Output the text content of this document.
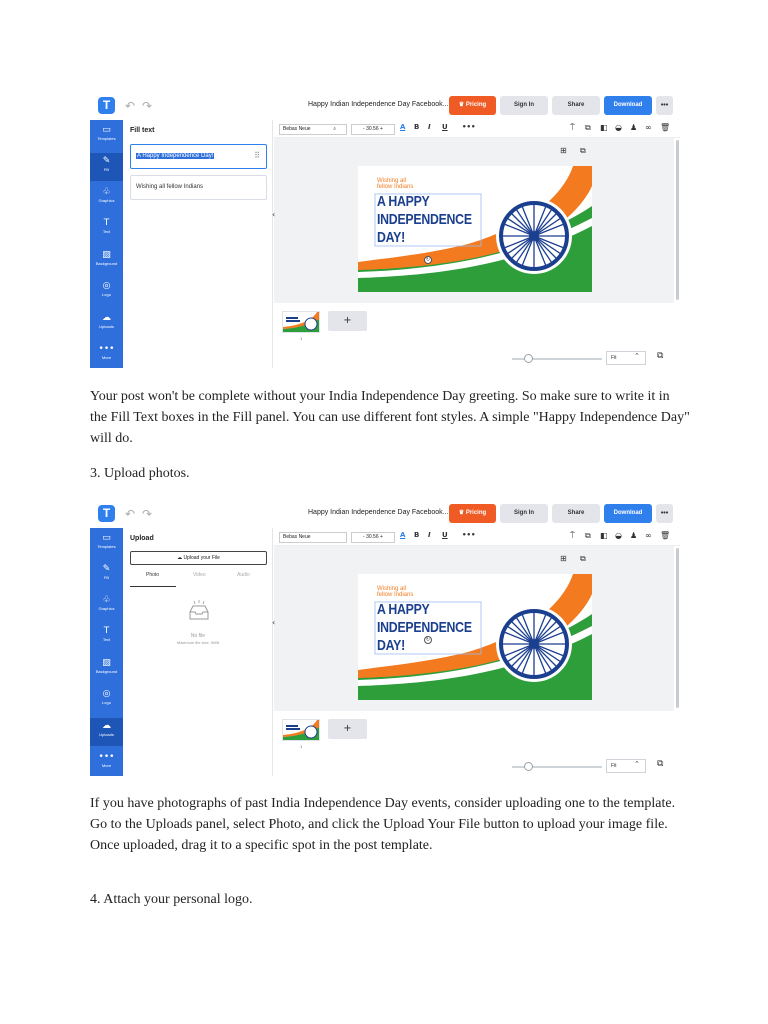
T	↶ ↷	Happy Indian Independence Day Facebook...	♛ Pricing	Sign In	Share	Download	•••
▭
Templates
✎
Fill
♧
Graphics
T
Text
▨
Background
◎
Logo
☁
Uploads
•••
More
Fill text
A Happy Independence Day!	⠿
Wishing all fellow Indians
Bebas Neue	⌕	- 30.56 +	A B I U •••	⍑ ⧉ ◧ ◒ ♟ ∞ 🗑
⊞ ⧉
‹
Wishing all
fellow Indians
A HAPPY
INDEPENDENCE
DAY!
↻
1
+
Fit	⌃ ⧉

Your post won't be complete without your India Independence Day greeting. So make sure to write it in the Fill Text boxes in the Fill panel. You can use different font styles. A simple "Happy Independence Day" will do.

3. Upload photos.

T	↶ ↷	Happy Indian Independence Day Facebook...	♛ Pricing	Sign In	Share	Download	•••
▭
Templates
✎
Fill
♧
Graphics
T
Text
▨
Background
◎
Logo
☁
Uploads
•••
More
Upload
☁ Upload your File
Photo	Video	Audio
No file
Maximum file size: 5MB
Bebas Neue	- 30.56 +	A B I U •••	⍑ ⧉ ◧ ◒ ♟ ∞ 🗑
⊞ ⧉
‹
Wishing all
fellow Indians
A HAPPY
INDEPENDENCE
DAY!	↻
1
+
Fit	⌃ ⧉

If you have photographs of past India Independence Day events, consider uploading one to the template. Go to the Uploads panel, select Photo, and click the Upload Your File button to upload your image file. Once uploaded, drag it to a specific spot in the post template.

4. Attach your personal logo.
